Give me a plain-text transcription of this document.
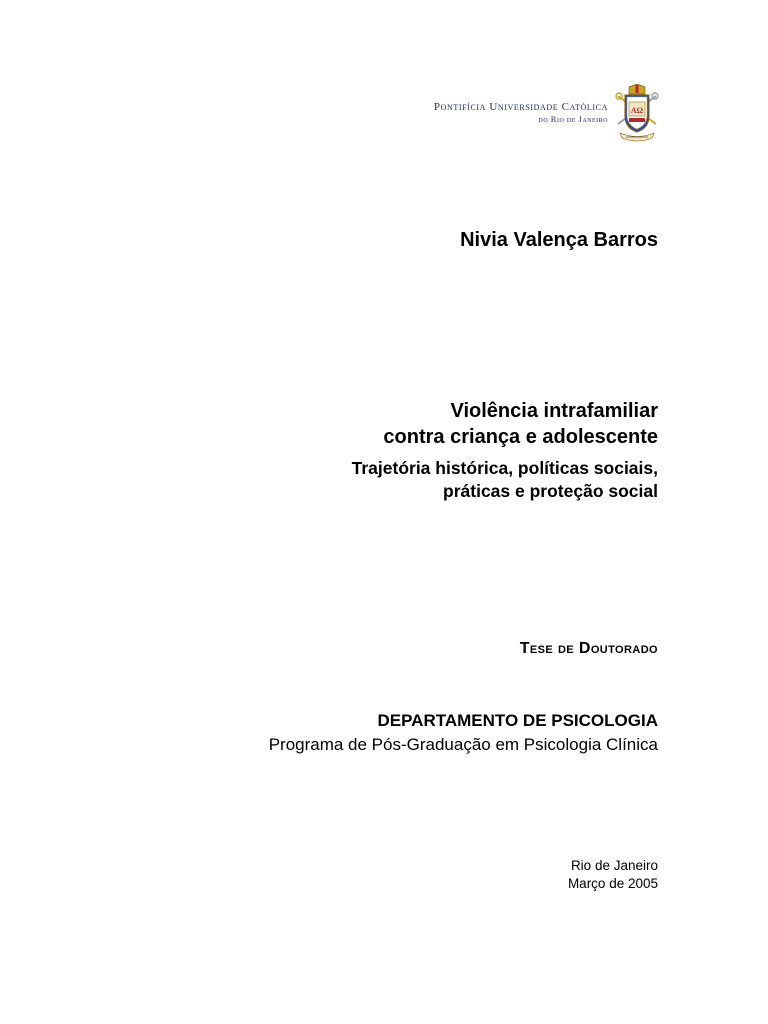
Pontifícia Universidade Católica
do Rio de Janeiro
AΩ
Nivia Valença Barros
Violência intrafamiliar
contra criança e adolescente
Trajetória histórica, políticas sociais,
práticas e proteção social
Tese de Doutorado
DEPARTAMENTO DE PSICOLOGIA
Programa de Pós-Graduação em Psicologia Clínica
Rio de Janeiro
Março de 2005
